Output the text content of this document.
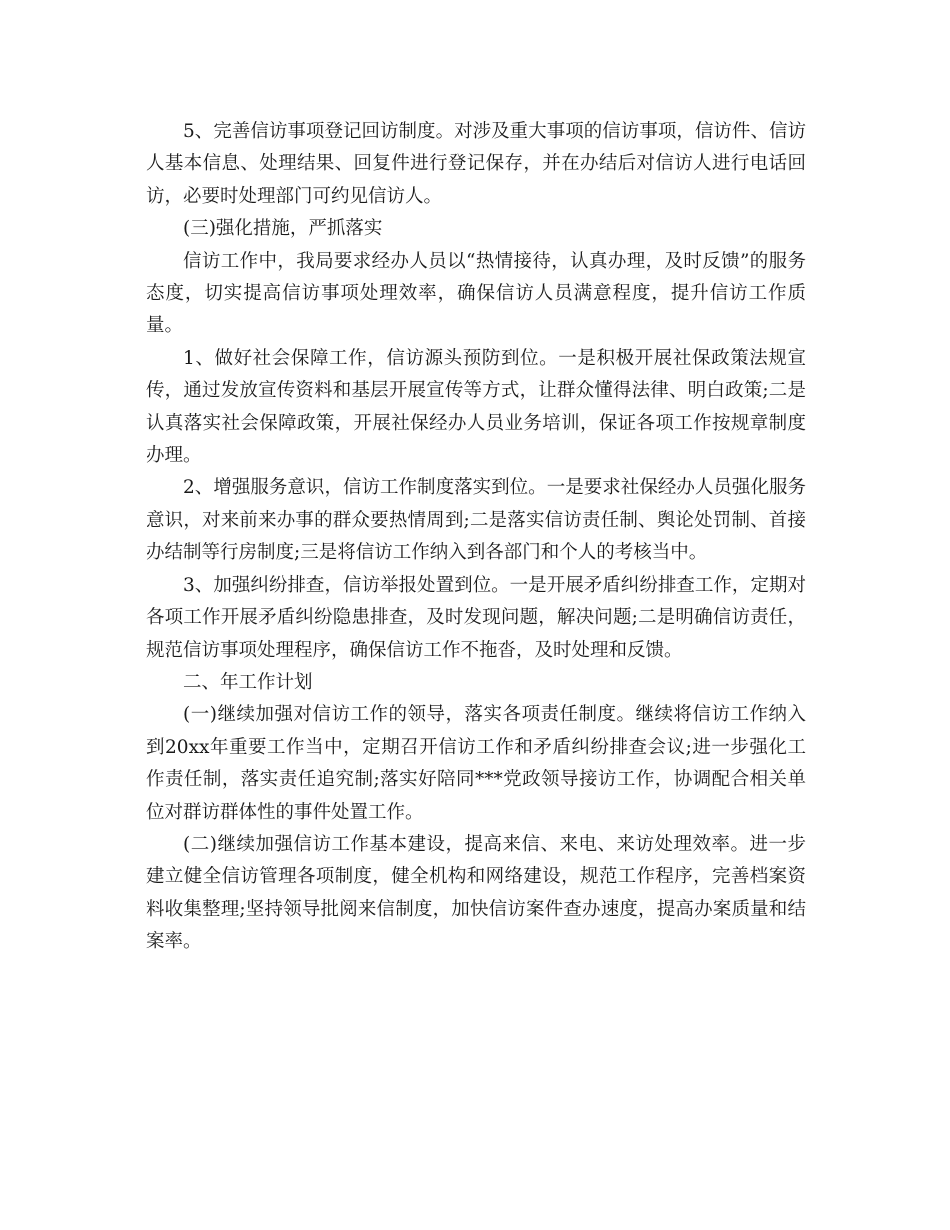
5、完善信访事项登记回访制度。对涉及重大事项的信访事项，信访件、信访人基本信息、处理结果、回复件进行登记保存，并在办结后对信访人进行电话回访，必要时处理部门可约见信访人。

(三)强化措施，严抓落实

信访工作中，我局要求经办人员以“热情接待，认真办理，及时反馈”的服务态度，切实提高信访事项处理效率，确保信访人员满意程度，提升信访工作质量。

1、做好社会保障工作，信访源头预防到位。一是积极开展社保政策法规宣传，通过发放宣传资料和基层开展宣传等方式，让群众懂得法律、明白政策;二是认真落实社会保障政策，开展社保经办人员业务培训，保证各项工作按规章制度办理。

2、增强服务意识，信访工作制度落实到位。一是要求社保经办人员强化服务意识，对来前来办事的群众要热情周到;二是落实信访责任制、舆论处罚制、首接办结制等行房制度;三是将信访工作纳入到各部门和个人的考核当中。

3、加强纠纷排查，信访举报处置到位。一是开展矛盾纠纷排查工作，定期对各项工作开展矛盾纠纷隐患排查，及时发现问题，解决问题;二是明确信访责任，规范信访事项处理程序，确保信访工作不拖沓，及时处理和反馈。

二、年工作计划

(一)继续加强对信访工作的领导，落实各项责任制度。继续将信访工作纳入到20xx年重要工作当中，定期召开信访工作和矛盾纠纷排查会议;进一步强化工作责任制，落实责任追究制;落实好陪同***党政领导接访工作，协调配合相关单位对群访群体性的事件处置工作。

(二)继续加强信访工作基本建设，提高来信、来电、来访处理效率。进一步建立健全信访管理各项制度，健全机构和网络建设，规范工作程序，完善档案资料收集整理;坚持领导批阅来信制度，加快信访案件查办速度，提高办案质量和结案率。
